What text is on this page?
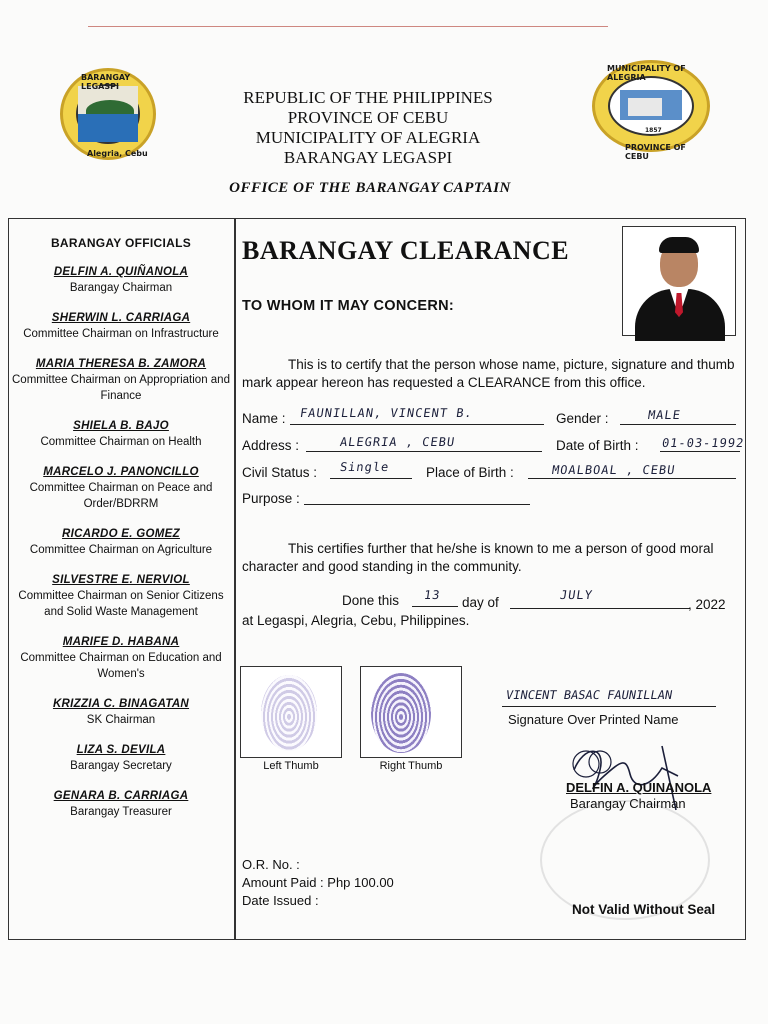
BARANGAY LEGASPI
Alegria, Cebu
MUNICIPALITY OF ALEGRIA
1857
PROVINCE OF CEBU
REPUBLIC OF THE PHILIPPINES
PROVINCE OF CEBU
MUNICIPALITY OF ALEGRIA
BARANGAY LEGASPI
OFFICE OF THE BARANGAY CAPTAIN
BARANGAY OFFICIALS
DELFIN A. QUIÑANOLA
Barangay Chairman
SHERWIN L. CARRIAGA
Committee Chairman on Infrastructure
MARIA THERESA B. ZAMORA
Committee Chairman on Appropriation and Finance
SHIELA B. BAJO
Committee Chairman on Health
MARCELO J. PANONCILLO
Committee Chairman on Peace and Order/BDRRM
RICARDO E. GOMEZ
Committee Chairman on Agriculture
SILVESTRE E. NERVIOL
Committee Chairman on Senior Citizens and Solid Waste Management
MARIFE D. HABANA
Committee Chairman on Education and Women's
KRIZZIA C. BINAGATAN
SK Chairman
LIZA S. DEVILA
Barangay Secretary
GENARA B. CARRIAGA
Barangay Treasurer
BARANGAY CLEARANCE
TO WHOM IT MAY CONCERN:
This is to certify that the person whose name, picture, signature and thumb mark appear hereon has requested a CLEARANCE from this office.
Name : FAUNILLAN, VINCENT B.	Gender :	MALE
Address :	ALEGRIA , CEBU	Date of Birth : 01-03-1992
Civil Status : Single	Place of Birth :	MOALBOAL , CEBU
Purpose :
This certifies further that he/she is known to me a person of good moral character and good standing in the community.
Done this 13 day of	JULY
, 2022
at Legaspi, Alegria, Cebu, Philippines.
Left Thumb	Right Thumb
VINCENT BASAC FAUNILLAN
Signature Over Printed Name
DELFIN A. QUINANOLA
Barangay Chairman
O.R. No. :
Amount Paid : Php 100.00
Date Issued :
Not Valid Without Seal
